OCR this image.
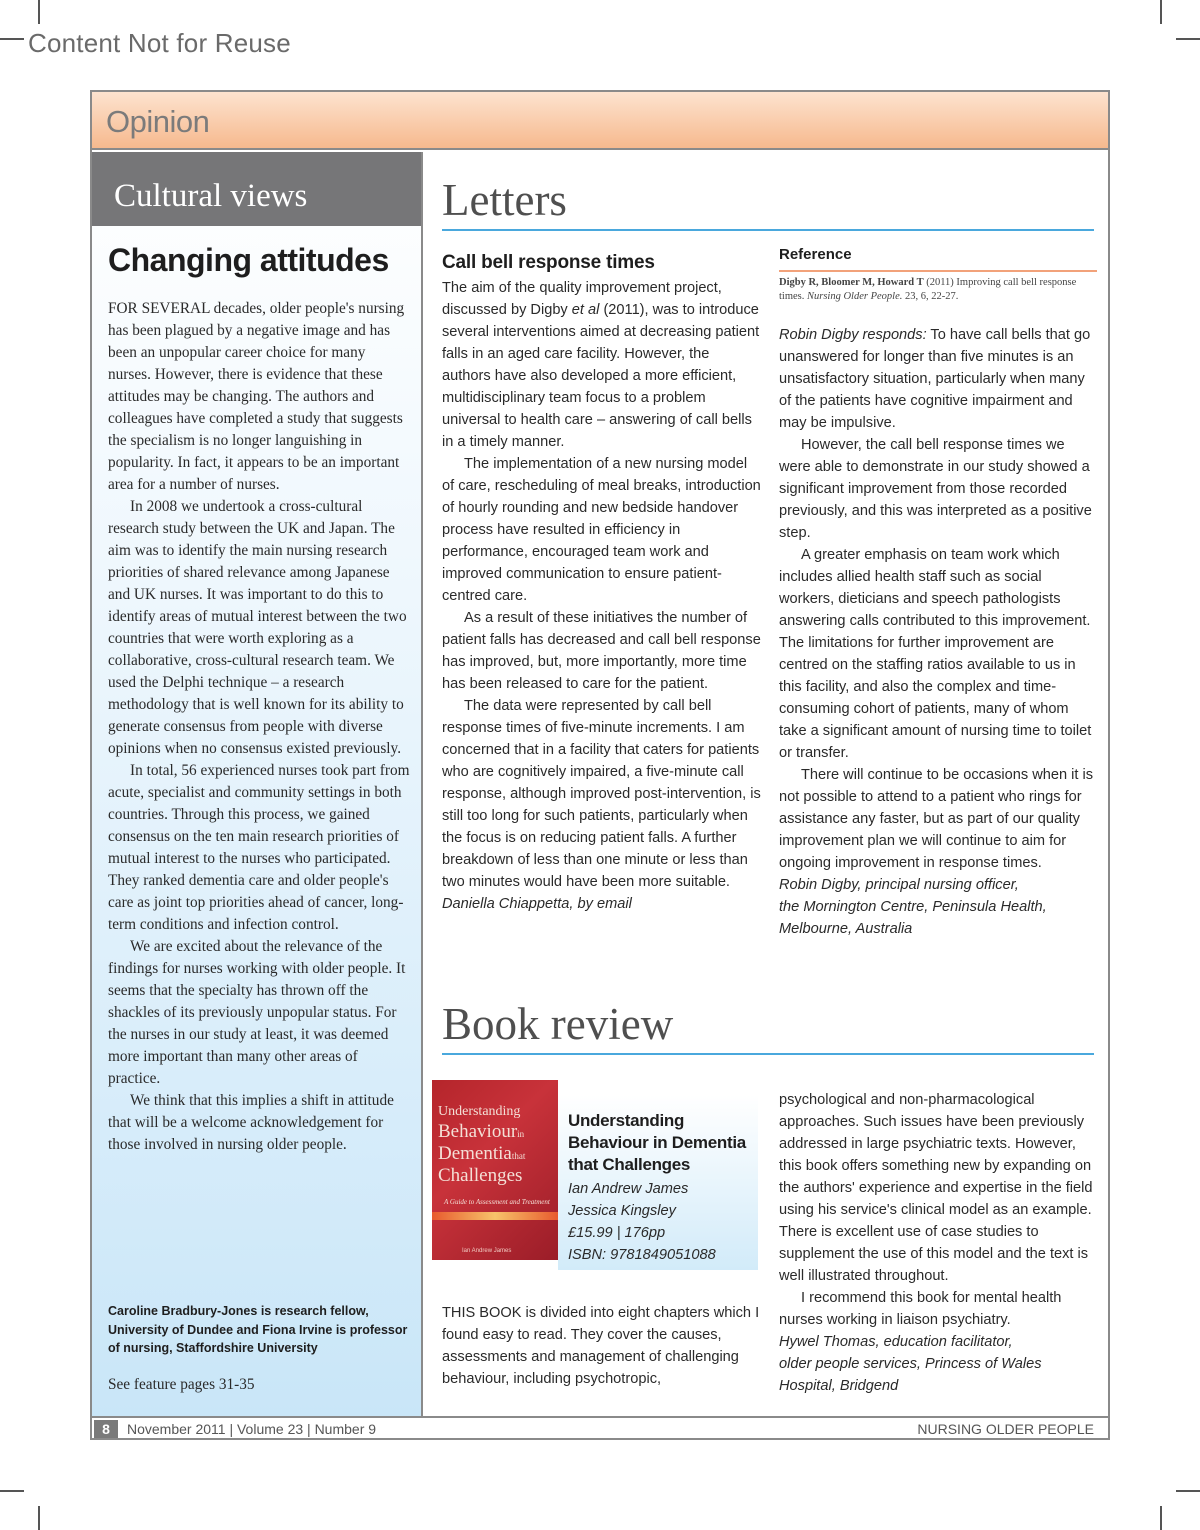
Content Not for Reuse
Opinion
Cultural views
Changing attitudes

FOR SEVERAL decades, older people's nursing has been plagued by a negative image and has been an unpopular career choice for many nurses. However, there is evidence that these attitudes may be changing. The authors and colleagues have completed a study that suggests the specialism is no longer languishing in popularity. In fact, it appears to be an important area for a number of nurses.

In 2008 we undertook a cross-cultural research study between the UK and Japan. The aim was to identify the main nursing research priorities of shared relevance among Japanese and UK nurses. It was important to do this to identify areas of mutual interest between the two countries that were worth exploring as a collaborative, cross-cultural research team. We used the Delphi technique – a research methodology that is well known for its ability to generate consensus from people with diverse opinions when no consensus existed previously.

In total, 56 experienced nurses took part from acute, specialist and community settings in both countries. Through this process, we gained consensus on the ten main research priorities of mutual interest to the nurses who participated. They ranked dementia care and older people's care as joint top priorities ahead of cancer, long-term conditions and infection control.

We are excited about the relevance of the findings for nurses working with older people. It seems that the specialty has thrown off the shackles of its previously unpopular status. For the nurses in our study at least, it was deemed more important than many other areas of practice.

We think that this implies a shift in attitude that will be a welcome acknowledgement for those involved in nursing older people.

Caroline Bradbury-Jones is research fellow, University of Dundee and Fiona Irvine is professor of nursing, Staffordshire University
See feature pages 31-35
Letters
Call bell response times

The aim of the quality improvement project, discussed by Digby et al (2011), was to introduce several interventions aimed at decreasing patient falls in an aged care facility. However, the authors have also developed a more efficient, multidisciplinary team focus to a problem universal to health care – answering of call bells in a timely manner.

The implementation of a new nursing model of care, rescheduling of meal breaks, introduction of hourly rounding and new bedside handover process have resulted in efficiency in performance, encouraged team work and improved communication to ensure patient-centred care.

As a result of these initiatives the number of patient falls has decreased and call bell response has improved, but, more importantly, more time has been released to care for the patient.

The data were represented by call bell response times of five-minute increments. I am concerned that in a facility that caters for patients who are cognitively impaired, a five-minute call response, although improved post-intervention, is still too long for such patients, particularly when the focus is on reducing patient falls. A further breakdown of less than one minute or less than two minutes would have been more suitable.

Daniella Chiappetta, by email
Reference
Digby R, Bloomer M, Howard T (2011) Improving call bell response times. Nursing Older People. 23, 6, 22-27.

Robin Digby responds: To have call bells that go unanswered for longer than five minutes is an unsatisfactory situation, particularly when many of the patients have cognitive impairment and may be impulsive.

However, the call bell response times we were able to demonstrate in our study showed a significant improvement from those recorded previously, and this was interpreted as a positive step.

A greater emphasis on team work which includes allied health staff such as social workers, dieticians and speech pathologists answering calls contributed to this improvement. The limitations for further improvement are centred on the staffing ratios available to us in this facility, and also the complex and time-consuming cohort of patients, many of whom take a significant amount of nursing time to toilet or transfer.

There will continue to be occasions when it is not possible to attend to a patient who rings for assistance any faster, but as part of our quality improvement plan we will continue to aim for ongoing improvement in response times.

Robin Digby, principal nursing officer,
the Mornington Centre, Peninsula Health,
Melbourne, Australia
Book review
Understanding
Behaviourin
Dementiathat
Challenges
A Guide to Assessment and Treatment
Ian Andrew James
Understanding Behaviour in Dementia that Challenges
Ian Andrew James
Jessica Kingsley
£15.99 | 176pp
ISBN: 9781849051088

THIS BOOK is divided into eight chapters which I found easy to read. They cover the causes, assessments and management of challenging behaviour, including psychotropic,

psychological and non-pharmacological approaches. Such issues have been previously addressed in large psychiatric texts. However, this book offers something new by expanding on the authors' experience and expertise in the field using his service's clinical model as an example. There is excellent use of case studies to supplement the use of this model and the text is well illustrated throughout.

I recommend this book for mental health nurses working in liaison psychiatry.

Hywel Thomas, education facilitator,
older people services, Princess of Wales
Hospital, Bridgend
8	November 2011 | Volume 23 | Number 9	NURSING OLDER PEOPLE
